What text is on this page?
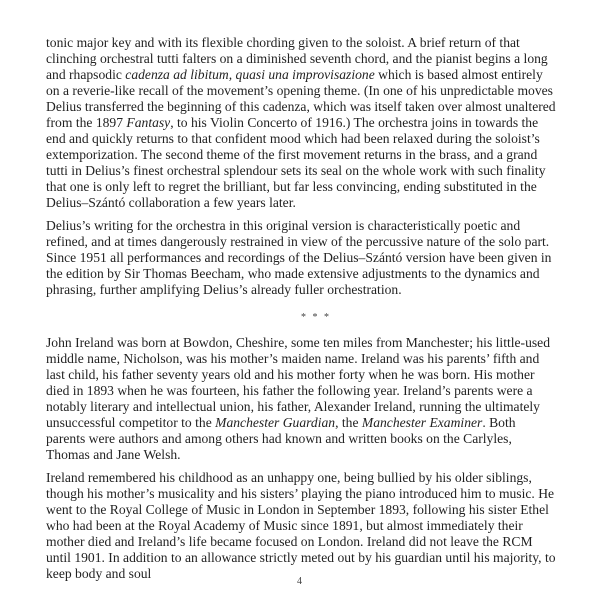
tonic major key and with its flexible chording given to the soloist. A brief return of that clinching orchestral tutti falters on a diminished seventh chord, and the pianist begins a long and rhapsodic cadenza ad libitum, quasi una improvisazione which is based almost entirely on a reverie-like recall of the movement’s opening theme. (In one of his unpredictable moves Delius transferred the beginning of this cadenza, which was itself taken over almost unaltered from the 1897 Fantasy, to his Violin Concerto of 1916.) The orchestra joins in towards the end and quickly returns to that confident mood which had been relaxed during the soloist’s extemporization. The second theme of the first movement returns in the brass, and a grand tutti in Delius’s finest orchestral splendour sets its seal on the whole work with such finality that one is only left to regret the brilliant, but far less convincing, ending substituted in the Delius–Szántó collaboration a few years later.

Delius’s writing for the orchestra in this original version is characteristically poetic and refined, and at times dangerously restrained in view of the percussive nature of the solo part. Since 1951 all performances and recordings of the Delius–Szántó version have been given in the edition by Sir Thomas Beecham, who made extensive adjustments to the dynamics and phrasing, further amplifying Delius’s already fuller orchestration.

* * *

John Ireland was born at Bowdon, Cheshire, some ten miles from Manchester; his little-used middle name, Nicholson, was his mother’s maiden name. Ireland was his parents’ fifth and last child, his father seventy years old and his mother forty when he was born. His mother died in 1893 when he was fourteen, his father the following year. Ireland’s parents were a notably literary and intellectual union, his father, Alexander Ireland, running the ultimately unsuccessful competitor to the Manchester Guardian, the Manchester Examiner. Both parents were authors and among others had known and written books on the Carlyles, Thomas and Jane Welsh.

Ireland remembered his childhood as an unhappy one, being bullied by his older siblings, though his mother’s musicality and his sisters’ playing the piano introduced him to music. He went to the Royal College of Music in London in September 1893, following his sister Ethel who had been at the Royal Academy of Music since 1891, but almost immediately their mother died and Ireland’s life became focused on London. Ireland did not leave the RCM until 1901. In addition to an allowance strictly meted out by his guardian until his majority, to keep body and soul

4
